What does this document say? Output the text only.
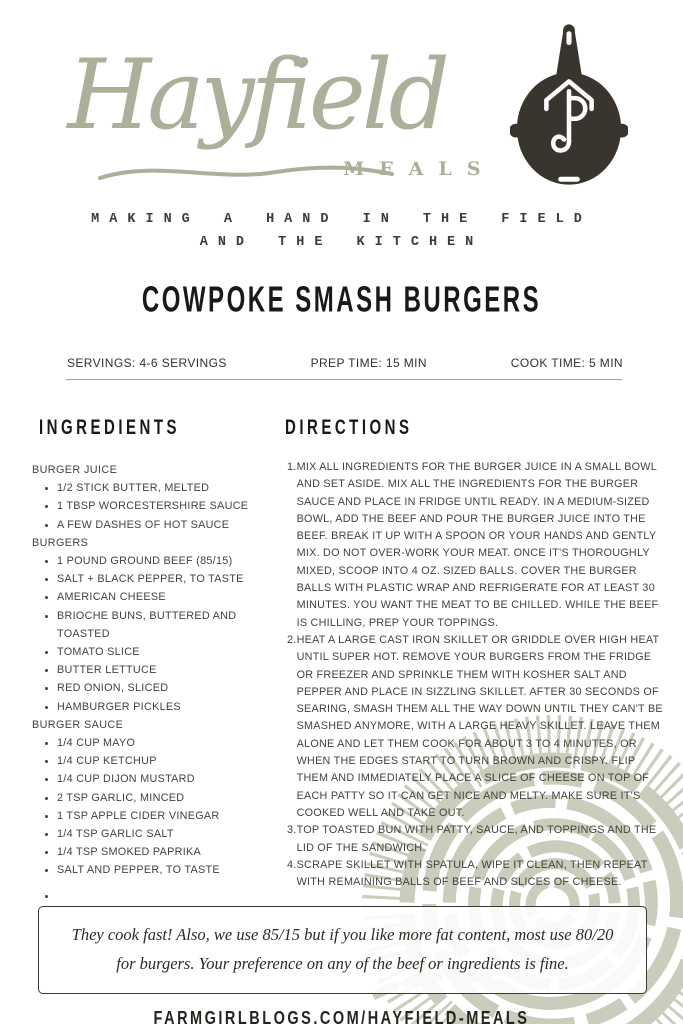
Hayfield
MEALS
MAKING A HAND IN THE FIELD
AND THE KITCHEN
COWPOKE SMASH BURGERS
SERVINGS: 4-6 SERVINGS	PREP TIME: 15 MIN	COOK TIME: 5 MIN
INGREDIENTS
BURGER JUICE
1/2 STICK BUTTER, MELTED
1 TBSP WORCESTERSHIRE SAUCE
A FEW DASHES OF HOT SAUCE
BURGERS
1 POUND GROUND BEEF (85/15)
SALT + BLACK PEPPER, TO TASTE
AMERICAN CHEESE
BRIOCHE BUNS, BUTTERED AND TOASTED
TOMATO SLICE
BUTTER LETTUCE
RED ONION, SLICED
HAMBURGER PICKLES
BURGER SAUCE
1/4 CUP MAYO
1/4 CUP KETCHUP
1/4 CUP DIJON MUSTARD
2 TSP GARLIC, MINCED
1 TSP APPLE CIDER VINEGAR
1/4 TSP GARLIC SALT
1/4 TSP SMOKED PAPRIKA
SALT AND PEPPER, TO TASTE
DIRECTIONS
1. MIX ALL INGREDIENTS FOR THE BURGER JUICE IN A SMALL BOWL AND SET ASIDE. MIX ALL THE INGREDIENTS FOR THE BURGER SAUCE AND PLACE IN FRIDGE UNTIL READY. IN A MEDIUM-SIZED BOWL, ADD THE BEEF AND POUR THE BURGER JUICE INTO THE BEEF. BREAK IT UP WITH A SPOON OR YOUR HANDS AND GENTLY MIX. DO NOT OVER-WORK YOUR MEAT. ONCE IT'S THOROUGHLY MIXED, SCOOP INTO 4 OZ. SIZED BALLS. COVER THE BURGER BALLS WITH PLASTIC WRAP AND REFRIGERATE FOR AT LEAST 30 MINUTES. YOU WANT THE MEAT TO BE CHILLED. WHILE THE BEEF IS CHILLING, PREP YOUR TOPPINGS.
2. HEAT A LARGE CAST IRON SKILLET OR GRIDDLE OVER HIGH HEAT UNTIL SUPER HOT. REMOVE YOUR BURGERS FROM THE FRIDGE OR FREEZER AND SPRINKLE THEM WITH KOSHER SALT AND PEPPER AND PLACE IN SIZZLING SKILLET. AFTER 30 SECONDS OF SEARING, SMASH THEM ALL THE WAY DOWN UNTIL THEY CAN'T BE SMASHED ANYMORE, WITH A LARGE HEAVY SKILLET. LEAVE THEM ALONE AND LET THEM COOK FOR ABOUT 3 TO 4 MINUTES, OR WHEN THE EDGES START TO TURN BROWN AND CRISPY. FLIP THEM AND IMMEDIATELY PLACE A SLICE OF CHEESE ON TOP OF EACH PATTY SO IT CAN GET NICE AND MELTY. MAKE SURE IT'S COOKED WELL AND TAKE OUT.
3. TOP TOASTED BUN WITH PATTY, SAUCE, AND TOPPINGS AND THE LID OF THE SANDWICH.
4. SCRAPE SKILLET WITH SPATULA, WIPE IT CLEAN, THEN REPEAT WITH REMAINING BALLS OF BEEF AND SLICES OF CHEESE.
They cook fast! Also, we use 85/15 but if you like more fat content, most use 80/20 for burgers. Your preference on any of the beef or ingredients is fine.
FARMGIRLBLOGS.COM/HAYFIELD-MEALS
